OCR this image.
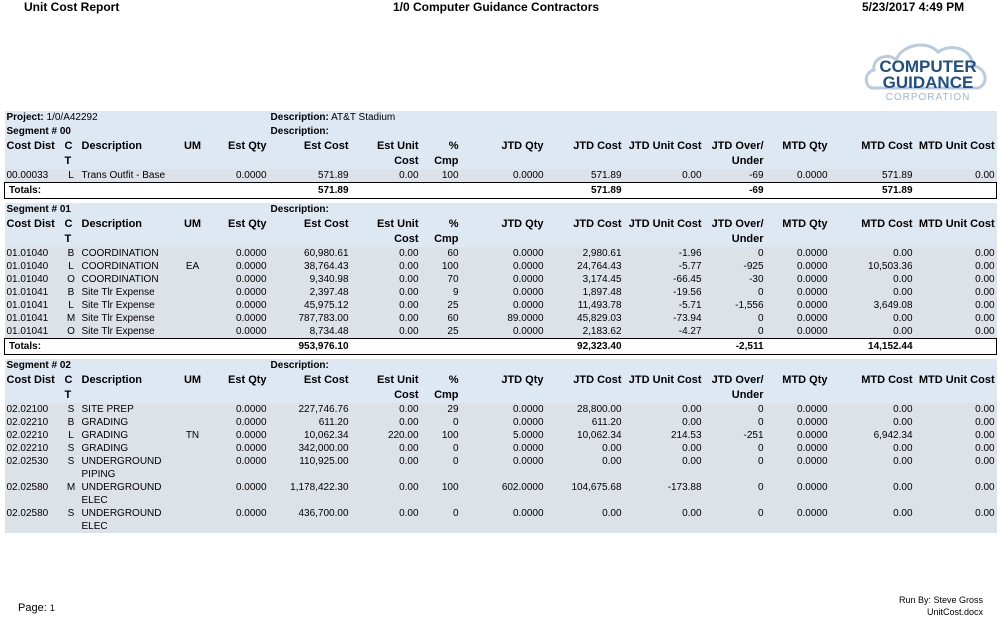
Unit Cost Report	1/0 Computer Guidance Contractors	5/23/2017 4:49 PM
COMPUTER
GUIDANCE
CORPORATION
Project: 1/0/A42292					Description: AT&T Stadium									
Segment # 00					Description:									
Cost Dist	C T	Description	UM	Est Qty	Est Cost	Est Unit Cost	% Cmp	JTD Qty	JTD Cost	JTD Unit Cost	JTD Over/ Under	MTD Qty	MTD Cost	MTD Unit Cost
00.00033	L	Trans Outfit - Base		0.0000	571.89	0.00	100	0.0000	571.89	0.00	-69	0.0000	571.89	0.00
Totals:					571.89				571.89		-69		571.89	

Segment # 01					Description:									
Cost Dist	C T	Description	UM	Est Qty	Est Cost	Est Unit Cost	% Cmp	JTD Qty	JTD Cost	JTD Unit Cost	JTD Over/ Under	MTD Qty	MTD Cost	MTD Unit Cost
01.01040	B	COORDINATION		0.0000	60,980.61	0.00	60	0.0000	2,980.61	-1.96	0	0.0000	0.00	0.00
01.01040	L	COORDINATION	EA	0.0000	38,764.43	0.00	100	0.0000	24,764.43	-5.77	-925	0.0000	10,503.36	0.00
01.01040	O	COORDINATION		0.0000	9,340.98	0.00	70	0.0000	3,174.45	-66.45	-30	0.0000	0.00	0.00
01.01041	B	Site Tlr Expense		0.0000	2,397.48	0.00	9	0.0000	1,897.48	-19.56	0	0.0000	0.00	0.00
01.01041	L	Site Tlr Expense		0.0000	45,975.12	0.00	25	0.0000	11,493.78	-5.71	-1,556	0.0000	3,649.08	0.00
01.01041	M	Site Tlr Expense		0.0000	787,783.00	0.00	60	89.0000	45,829.03	-73.94	0	0.0000	0.00	0.00
01.01041	O	Site Tlr Expense		0.0000	8,734.48	0.00	25	0.0000	2,183.62	-4.27	0	0.0000	0.00	0.00
Totals:					953,976.10				92,323.40		-2,511		14,152.44	

Segment # 02					Description:									
Cost Dist	C T	Description	UM	Est Qty	Est Cost	Est Unit Cost	% Cmp	JTD Qty	JTD Cost	JTD Unit Cost	JTD Over/ Under	MTD Qty	MTD Cost	MTD Unit Cost
02.02100	S	SITE PREP		0.0000	227,746.76	0.00	29	0.0000	28,800.00	0.00	0	0.0000	0.00	0.00
02.02210	B	GRADING		0.0000	611.20	0.00	0	0.0000	611.20	0.00	0	0.0000	0.00	0.00
02.02210	L	GRADING	TN	0.0000	10,062.34	220.00	100	5.0000	10,062.34	214.53	-251	0.0000	6,942.34	0.00
02.02210	S	GRADING		0.0000	342,000.00	0.00	0	0.0000	0.00	0.00	0	0.0000	0.00	0.00
02.02530	S	UNDERGROUND PIPING		0.0000	110,925.00	0.00	0	0.0000	0.00	0.00	0	0.0000	0.00	0.00
02.02580	M	UNDERGROUND ELEC		0.0000	1,178,422.30	0.00	100	602.0000	104,675.68	-173.88	0	0.0000	0.00	0.00
02.02580	S	UNDERGROUND ELEC		0.0000	436,700.00	0.00	0	0.0000	0.00	0.00	0	0.0000	0.00	0.00
Page: 1
Run By: Steve Gross
UnitCost.docx
